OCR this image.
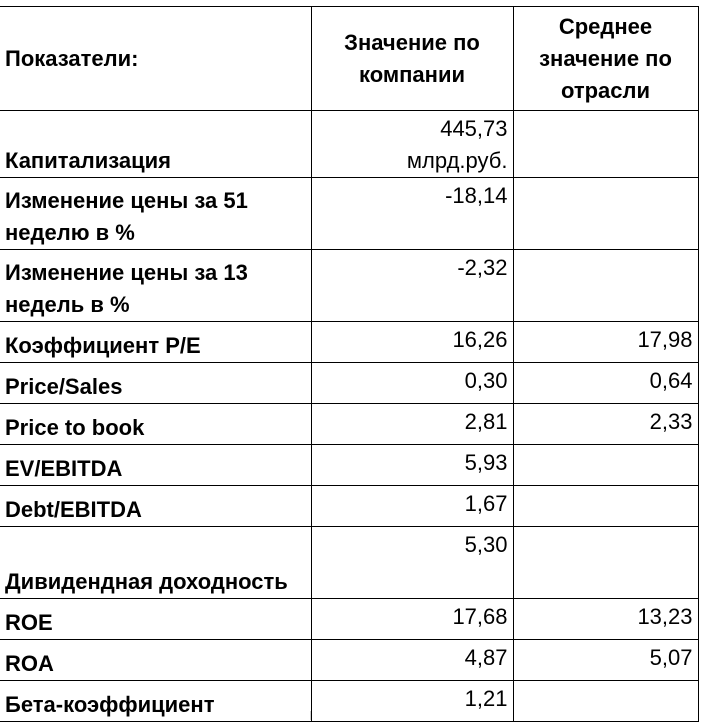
Показатели:	Значение по компании	Среднее значение по отрасли
Капитализация	445,73 млрд.руб.	
Изменение цены за 51 неделю в %	-18,14	
Изменение цены за 13 недель в %	-2,32	
Коэффициент P/E	16,26	17,98
Price/Sales	0,30	0,64
Price to book	2,81	2,33
EV/EBITDA	5,93	
Debt/EBITDA	1,67	
Дивидендная доходность	5,30	
ROE	17,68	13,23
ROA	4,87	5,07
Бета-коэффициент	1,21	
